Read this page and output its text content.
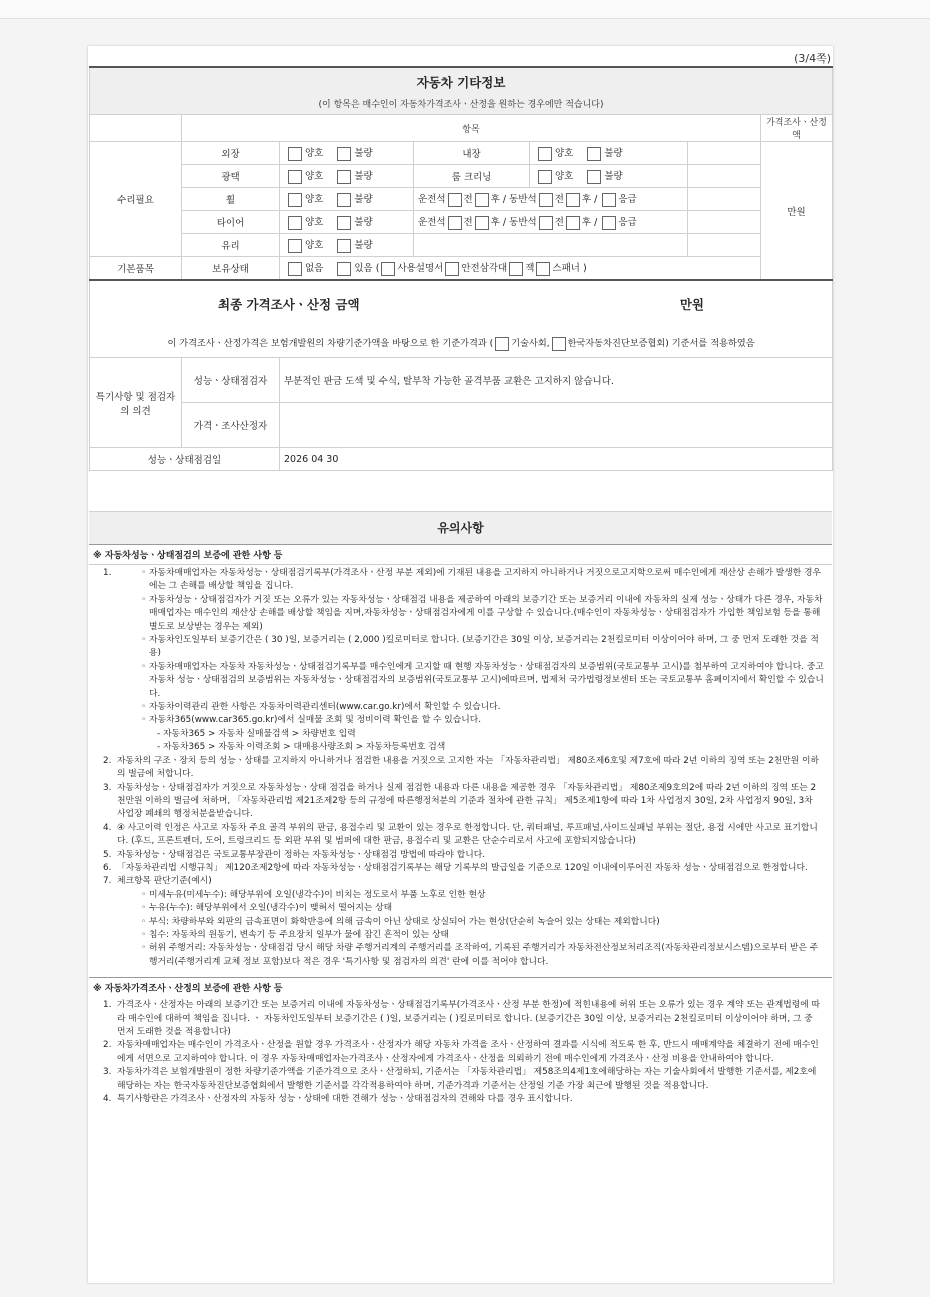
(3/4쪽)
자동차 기타정보
(이 항목은 매수인이 자동차가격조사ㆍ산정을 원하는 경우에만 적습니다)						

	항목					가격조사ㆍ산정액
수리필요	외장	양호 불량	내장	양호 불량		만원
	광택	양호 불량	룸 크리닝	양호 불량		
	휠	양호 불량	운전석 전 후 / 동반석 전 후 / 응급			
	타이어	양호 불량	운전석 전 후 / 동반석 전 후 / 응급			
	유리	양호 불량				
기본품목	보유상태	없음 있음 ( 사용설명서 안전삼각대 잭 스패너 )				

최종 가격조사ㆍ산정 금액 만원
이 가격조사ㆍ산정가격은 보험개발원의 차량기준가액을 바탕으로 한 기준가격과 ( 기술사회, 한국자동차진단보증협회) 기준서를 적용하였음						

특기사항 및 점검자의 의견	성능ㆍ상태점검자	부분적인 판금 도색 및 수식, 탈부착 가능한 골격부품 교환은 고지하지 않습니다.				
	가격ㆍ조사산정자					
성능ㆍ상태점검일		2026 04 30				
유의사항
※ 자동차성능ㆍ상태점검의 보증에 관한 사항 등
1.	◦ 자동차매매업자는 자동차성능ㆍ상태점검기록부(가격조사ㆍ산정 부분 제외)에 기재된 내용을 고지하지 아니하거나 거짓으로고지학으로써 매수인에게 재산상 손해가 발생한 경우에는 그 손해를 배상할 책임을 집니다.
◦ 자동차성능ㆍ상태점검자가 거짓 또는 오류가 있는 자동차성능ㆍ상태점검 내용을 제공하여 아래의 보증기간 또는 보증거리 이내에 자동차의 실제 성능ㆍ상태가 다른 경우, 자동차매매업자는 매수인의 재산상 손해를 배상할 책임을 지며,자동차성능ㆍ상태점검자에게 이를 구상할 수 있습니다.(매수인이 자동차성능ㆍ상태점검자가 가입한 책임보험 등을 통해별도로 보상받는 경우는 제외)
◦ 자동차인도일부터 보증기간은 ( 30 )일, 보증거리는 ( 2,000 )킬로미터로 합니다. (보증기간은 30일 이상, 보증거리는 2천킬로미터 이상이어야 하며, 그 중 먼저 도래한 것을 적용)
◦ 자동차매매업자는 자동차 자동차성능ㆍ상태점검기록부를 매수인에게 고지할 때 현행 자동차성능ㆍ상태점검자의 보증범위(국토교통부 고시)를 첨부하여 고지하여야 합니다. 중고자동차 성능ㆍ상태점검의 보증범위는 자동차성능ㆍ상태점검자의 보증범위(국토교통부 고시)에따르며, 법제처 국가법령정보센터 또는 국토교통부 홈페이지에서 확인할 수 있습니다.
◦ 자동차이력관리 관한 사항은 자동차이력관리센터(www.car.go.kr)에서 확인할 수 있습니다.
◦ 자동차365(www.car365.go.kr)에서 실매물 조회 및 정비이력 확인을 할 수 있습니다.
- 자동차365 > 자동차 실매물검색 > 차량번호 입력
- 자동차365 > 자동차 이력조회 > 대매용사량조회 > 자동차등록번호 검색
2. 자동차의 구조ㆍ장치 등의 성능ㆍ상태를 고지하지 아니하거나 점검한 내용을 거짓으로 고지한 자는 「자동차관리법」 제80조제6호및 제7호에 따라 2년 이하의 징역 또는 2천만원 이하의 벌금에 처합니다.
3. 자동차성능ㆍ상태점검자가 거짓으로 자동차성능ㆍ상태 점검을 하거나 실제 점검한 내용과 다른 내용을 제공한 경우 「자동차관리법」 제80조제9호의2에 따라 2년 이하의 징역 또는 2천만원 이하의 벌금에 처하며, 「자동차관리법 제21조제2항 등의 규정에 따른행정처분의 기준과 절차에 관한 규칙」 제5조제1항에 따라 1차 사업정지 30일, 2차 사업정지 90일, 3차 사업장 폐쇄의 행정처분을받습니다.
4. ④ 사고이력 인정은 사고로 자동차 주요 골격 부위의 판금, 용접수리 및 교환이 있는 경우로 한정합니다. 단, 쿼터패널, 루프패널,사이드실패널 부위는 절단, 용접 시에만 사고로 표기합니다. (후드, 프론트펜더, 도어, 트렁크리드 등 외판 부위 및 범퍼에 대한 판금, 용접수리 및 교환은 단순수리로서 사고에 포함되지않습니다)
5. 자동차성능ㆍ상태점검은 국토교통부장관이 정하는 자동차성능ㆍ상태점검 방법에 따라야 합니다.
6. 「자동차관리법 시행규칙」 제120조제2항에 따라 자동차성능ㆍ상태점검기록부는 해당 기록부의 발급일을 기준으로 120일 이내에이루어진 자동차 성능ㆍ상태점검으로 한정합니다.
7. 체크항목 판단기준(예시)
◦ 미세누유(미세누수): 해당부위에 오일(냉각수)이 비치는 정도로서 부품 노후로 인한 현상
◦ 누유(누수): 해당부위에서 오일(냉각수)이 맺혀서 떨어지는 상태
◦ 부식: 차량하부와 외판의 금속표면이 화학반응에 의해 금속이 아닌 상태로 상실되어 가는 현상(단순히 녹슬어 있는 상태는 제외합니다)
◦ 침수: 자동차의 원동기, 변속기 등 주요장치 일부가 물에 잠긴 흔적이 있는 상태
◦ 허위 주행거리: 자동차성능ㆍ상태점검 당시 해당 차량 주행거리계의 주행거리를 조작하여, 기록된 주행거리가 자동차전산정보처리조직(자동차관리정보시스템)으로부터 받은 주행거리(주행거리계 교체 정보 포함)보다 적은 경우 '특기사항 및 점검자의 의견' 란에 이를 적어야 합니다.
※ 자동차가격조사ㆍ산정의 보증에 관한 사항 등
1. 가격조사ㆍ산정자는 아래의 보증기간 또는 보증거리 이내에 자동차성능ㆍ상태점검기록부(가격조사ㆍ산정 부분 한정)에 적힌내용에 허위 또는 오류가 있는 경우 계약 또는 관계법령에 따라 매수인에 대하여 책임을 집니다. ㆍ 자동차인도일부터 보증기간은 ( )일, 보증거리는 ( )킬로미터로 합니다. (보증기간은 30일 이상, 보증거리는 2천킬로미터 이상이어야 하며, 그 중 먼저 도래한 것을 적용합니다)
2. 자동차매매업자는 매수인이 가격조사ㆍ산정을 원할 경우 가격조사ㆍ산정자가 해당 자동차 가격을 조사ㆍ산정하여 결과를 시식에 적도록 한 후, 반드시 매매계약을 체결하기 전에 매수인에게 서면으로 고지하여야 합니다. 이 경우 자동차매매업자는가격조사ㆍ산정자에게 가격조사ㆍ산정을 의뢰하기 전에 매수인에게 가격조사ㆍ산정 비용을 안내하여야 합니다.
3. 자동차가격은 보험개발원이 정한 차량기준가액을 기준가격으로 조사ㆍ산정하되, 기준서는 「자동차관리법」 제58조의4제1호에해당하는 자는 기술사회에서 발행한 기준서를, 제2호에 해당하는 자는 한국자동차진단보증협회에서 발행한 기준서를 각각적용하여야 하며, 기준가격과 기준서는 산정일 기준 가장 최근에 발행된 것을 적용합니다.
4. 특기사항란은 가격조사ㆍ산정자의 자동차 성능ㆍ상태에 대한 견해가 성능ㆍ상태점검자의 견해와 다를 경우 표시합니다.
